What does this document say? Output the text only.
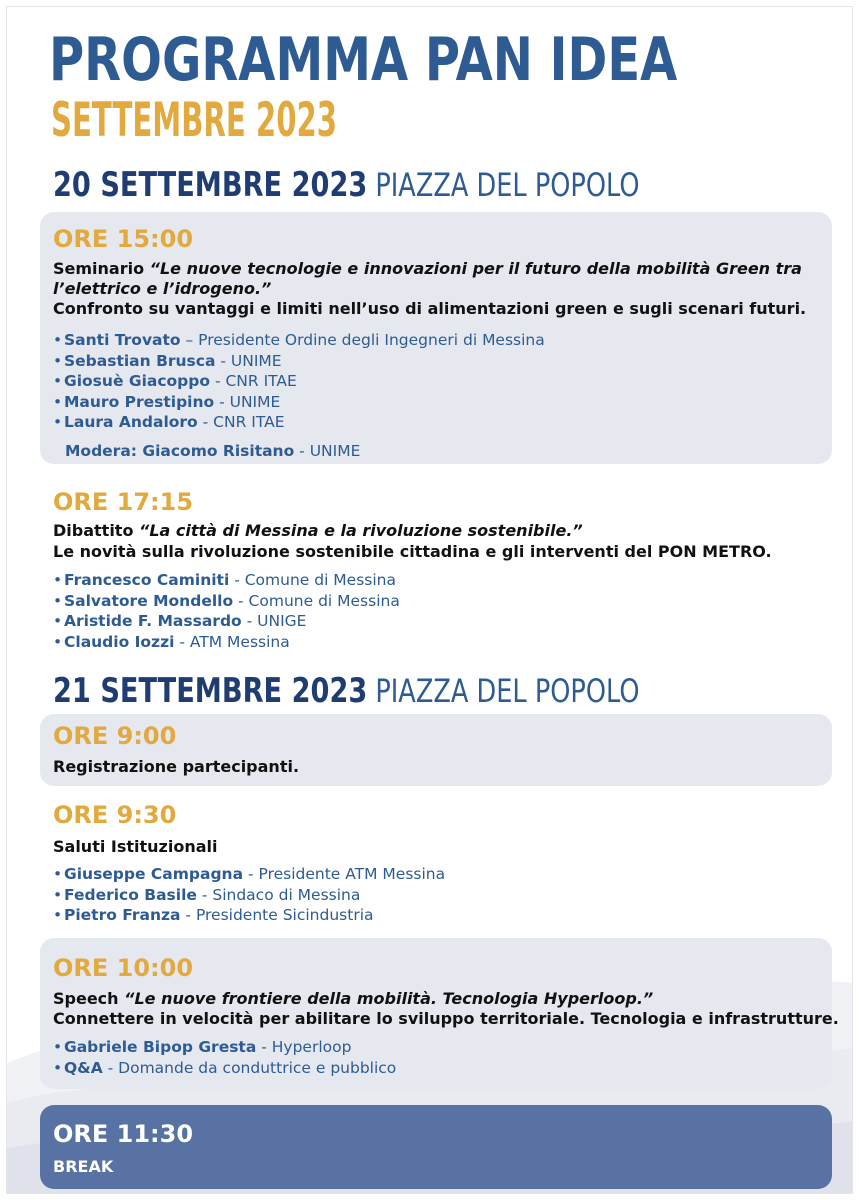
PROGRAMMA PAN IDEA
SETTEMBRE 2023
20 SETTEMBRE 2023 PIAZZA DEL POPOLO
ORE 15:00
Seminario “Le nuove tecnologie e innovazioni per il futuro della mobilità Green tra
l’elettrico e l’idrogeno.”
Confronto su vantaggi e limiti nell’uso di alimentazioni green e sugli scenari futuri.
• Santi Trovato – Presidente Ordine degli Ingegneri di Messina
• Sebastian Brusca - UNIME
• Giosuè Giacoppo - CNR ITAE
• Mauro Prestipino - UNIME
• Laura Andaloro - CNR ITAE
Modera: Giacomo Risitano - UNIME
ORE 17:15
Dibattito “La città di Messina e la rivoluzione sostenibile.”
Le novità sulla rivoluzione sostenibile cittadina e gli interventi del PON METRO.
• Francesco Caminiti - Comune di Messina
• Salvatore Mondello - Comune di Messina
• Aristide F. Massardo - UNIGE
• Claudio Iozzi - ATM Messina
21 SETTEMBRE 2023 PIAZZA DEL POPOLO
ORE 9:00
Registrazione partecipanti.
ORE 9:30
Saluti Istituzionali
• Giuseppe Campagna - Presidente ATM Messina
• Federico Basile - Sindaco di Messina
• Pietro Franza - Presidente Sicindustria
ORE 10:00
Speech “Le nuove frontiere della mobilità. Tecnologia Hyperloop.”
Connettere in velocità per abilitare lo sviluppo territoriale. Tecnologia e infrastrutture.
• Gabriele Bipop Gresta - Hyperloop
• Q&A - Domande da conduttrice e pubblico
ORE 11:30
BREAK
